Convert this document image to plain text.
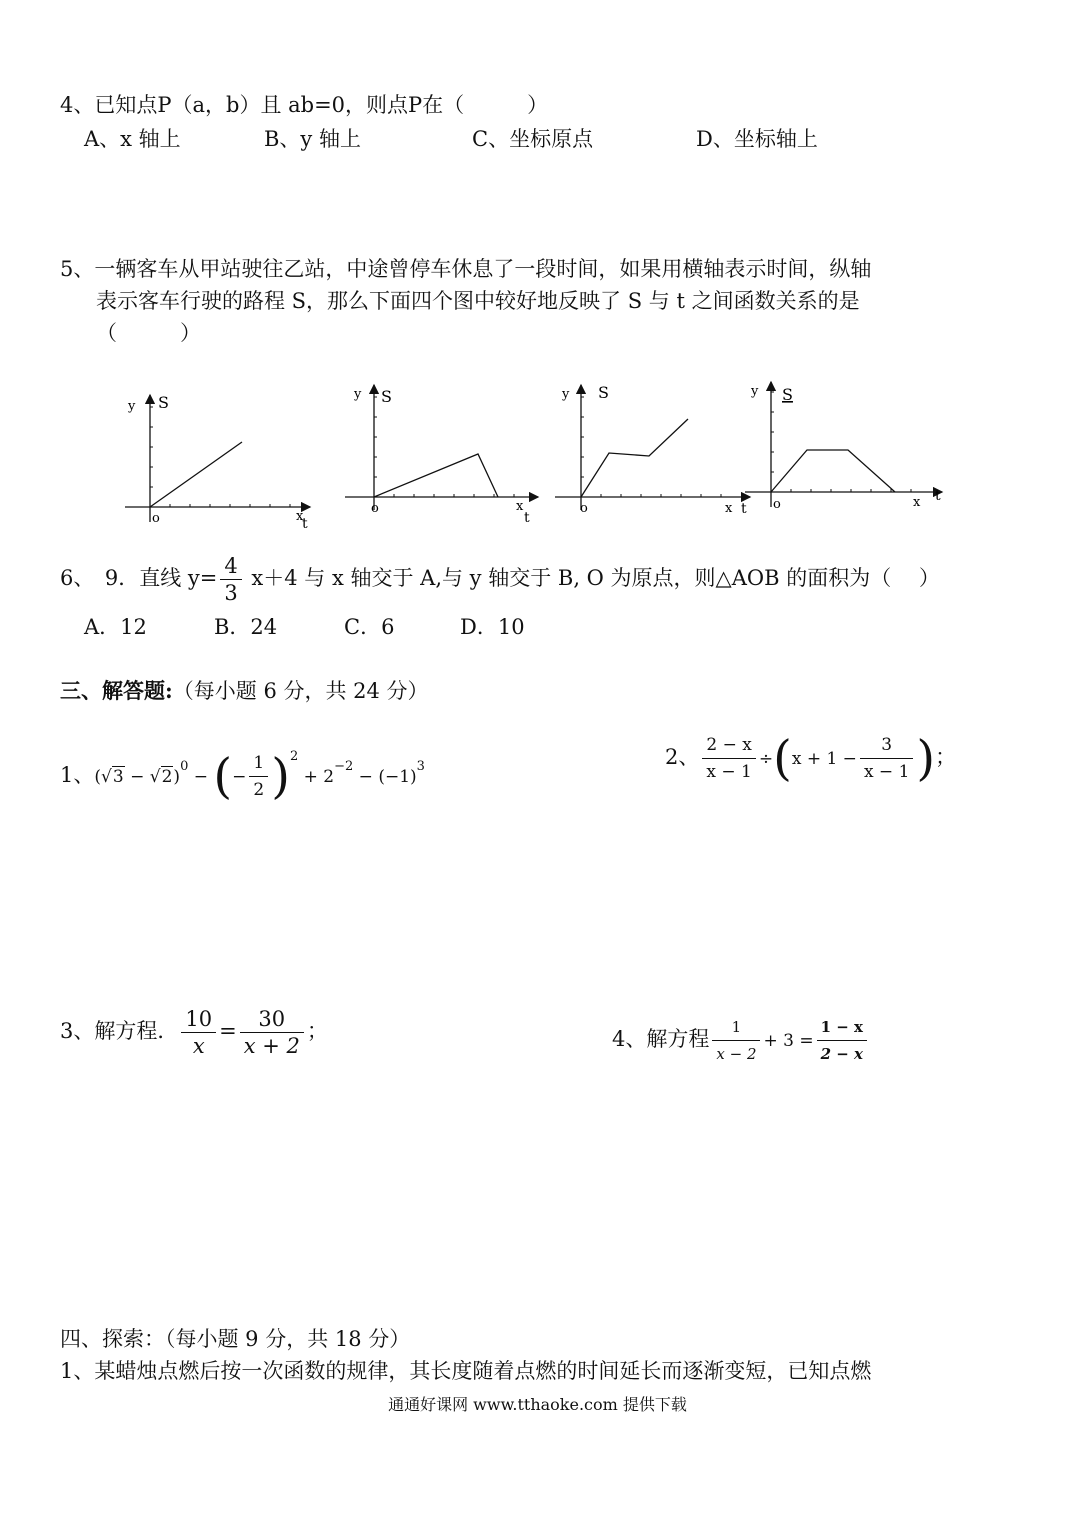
4、已知点P（a，b）且 ab=0，则点P在（　　　）
A、x 轴上	B、y 轴上	C、坐标原点	D、坐标轴上
5、一辆客车从甲站驶往乙站，中途曾停车休息了一段时间，如果用横轴表示时间，纵轴
表示客车行驶的路程 S，那么下面四个图中较好地反映了 S 与 t 之间函数关系的是
（　　　）
y S
o	x
t
y S
o	x
t
y S
o	x t
y S
o	x t
6、　9．直线 $y= \frac{4}{3} x+4$ 与 x 轴交于 A,与 y 轴交于 B, O 为原点，则△AOB 的面积为（　 ）
A．12	B．24	C．6	D．10
三、解答题:（每小题 6 分，共 24 分）
1、$(√3 - √2)^0$ − (− $\frac{1}{2} )^2 + 2^{-2} - (-1)^3$	2、 $\frac{2 - x}{x - 1} \div(x + 1 - \frac{3}{x - 1}$ )；
3、解方程． $\frac{10}{x} = \frac{30}{x + 2}$ ；	4、解方程 $\frac{1}{x - 2} + 3 = \frac{1 - x}{2 - x}$
四、探索：（每小题 9 分，共 18 分）
1、某蜡烛点燃后按一次函数的规律，其长度随着点燃的时间延长而逐渐变短，已知点燃
通通好课网 www.tthaoke.com 提供下载
